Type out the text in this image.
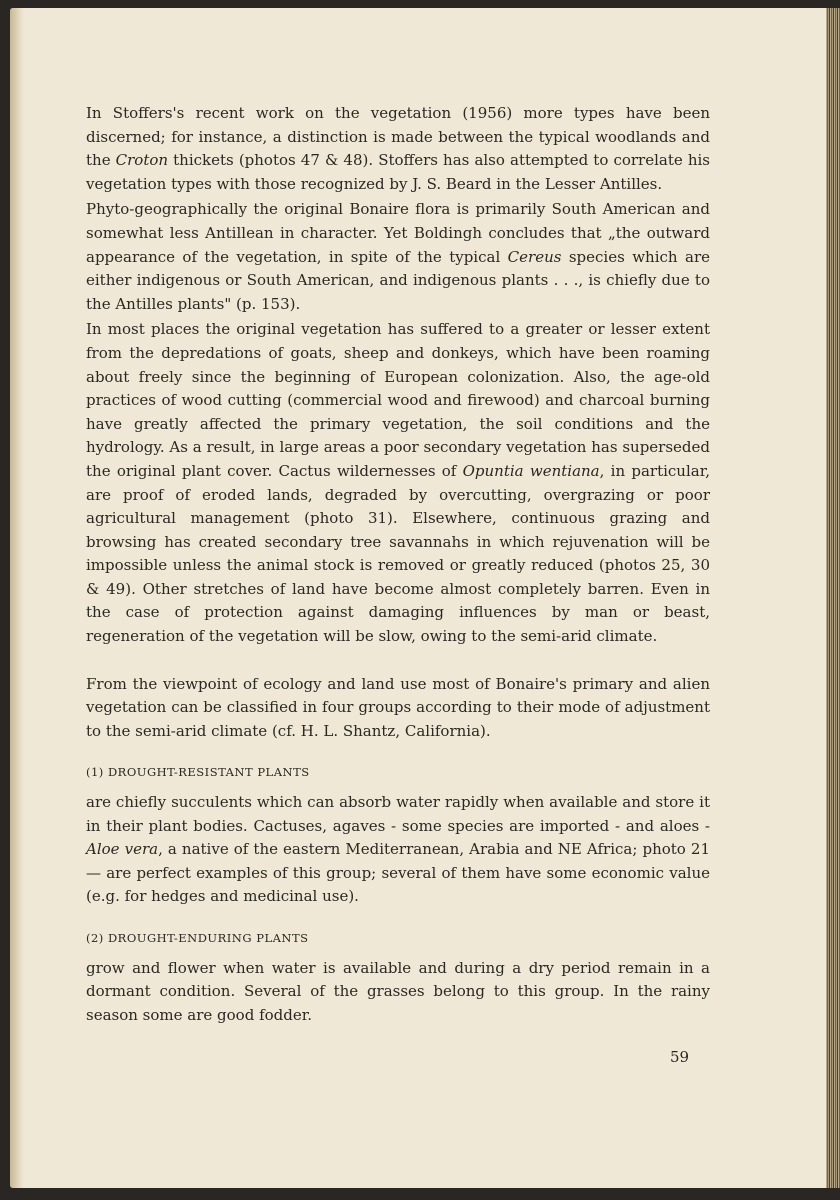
In Stoffers's recent work on the vegetation (1956) more types have been discerned; for instance, a distinction is made between the typical woodlands and the Croton thickets (photos 47 & 48). Stoffers has also attempted to correlate his vegetation types with those recognized by J. S. Beard in the Lesser Antilles.

Phyto-geographically the original Bonaire flora is primarily South American and somewhat less Antillean in character. Yet Boldingh concludes that „the outward appearance of the vegetation, in spite of the typical Cereus species which are either indigenous or South American, and indigenous plants . . ., is chiefly due to the Antilles plants" (p. 153).

In most places the original vegetation has suffered to a greater or lesser extent from the depredations of goats, sheep and donkeys, which have been roaming about freely since the beginning of European colonization. Also, the age-old practices of wood cutting (commercial wood and firewood) and charcoal burning have greatly affected the primary vegetation, the soil conditions and the hydrology. As a result, in large areas a poor secondary vegetation has superseded the original plant cover. Cactus wildernesses of Opuntia wentiana, in particular, are proof of eroded lands, degraded by overcutting, overgrazing or poor agricultural management (photo 31). Elsewhere, continuous grazing and browsing has created secondary tree savannahs in which rejuvenation will be impossible unless the animal stock is removed or greatly reduced (photos 25, 30 & 49). Other stretches of land have become almost completely barren. Even in the case of protection against damaging influences by man or beast, regeneration of the vegetation will be slow, owing to the semi-arid climate.

From the viewpoint of ecology and land use most of Bonaire's primary and alien vegetation can be classified in four groups according to their mode of adjustment to the semi-arid climate (cf. H. L. Shantz, California).

(1) DROUGHT-RESISTANT PLANTS

are chiefly succulents which can absorb water rapidly when available and store it in their plant bodies. Cactuses, agaves - some species are imported - and aloes - Aloe vera, a native of the eastern Mediterranean, Arabia and NE Africa; photo 21 — are perfect examples of this group; several of them have some economic value (e.g. for hedges and medicinal use).

(2) DROUGHT-ENDURING PLANTS

grow and flower when water is available and during a dry period remain in a dormant condition. Several of the grasses belong to this group. In the rainy season some are good fodder.

59
